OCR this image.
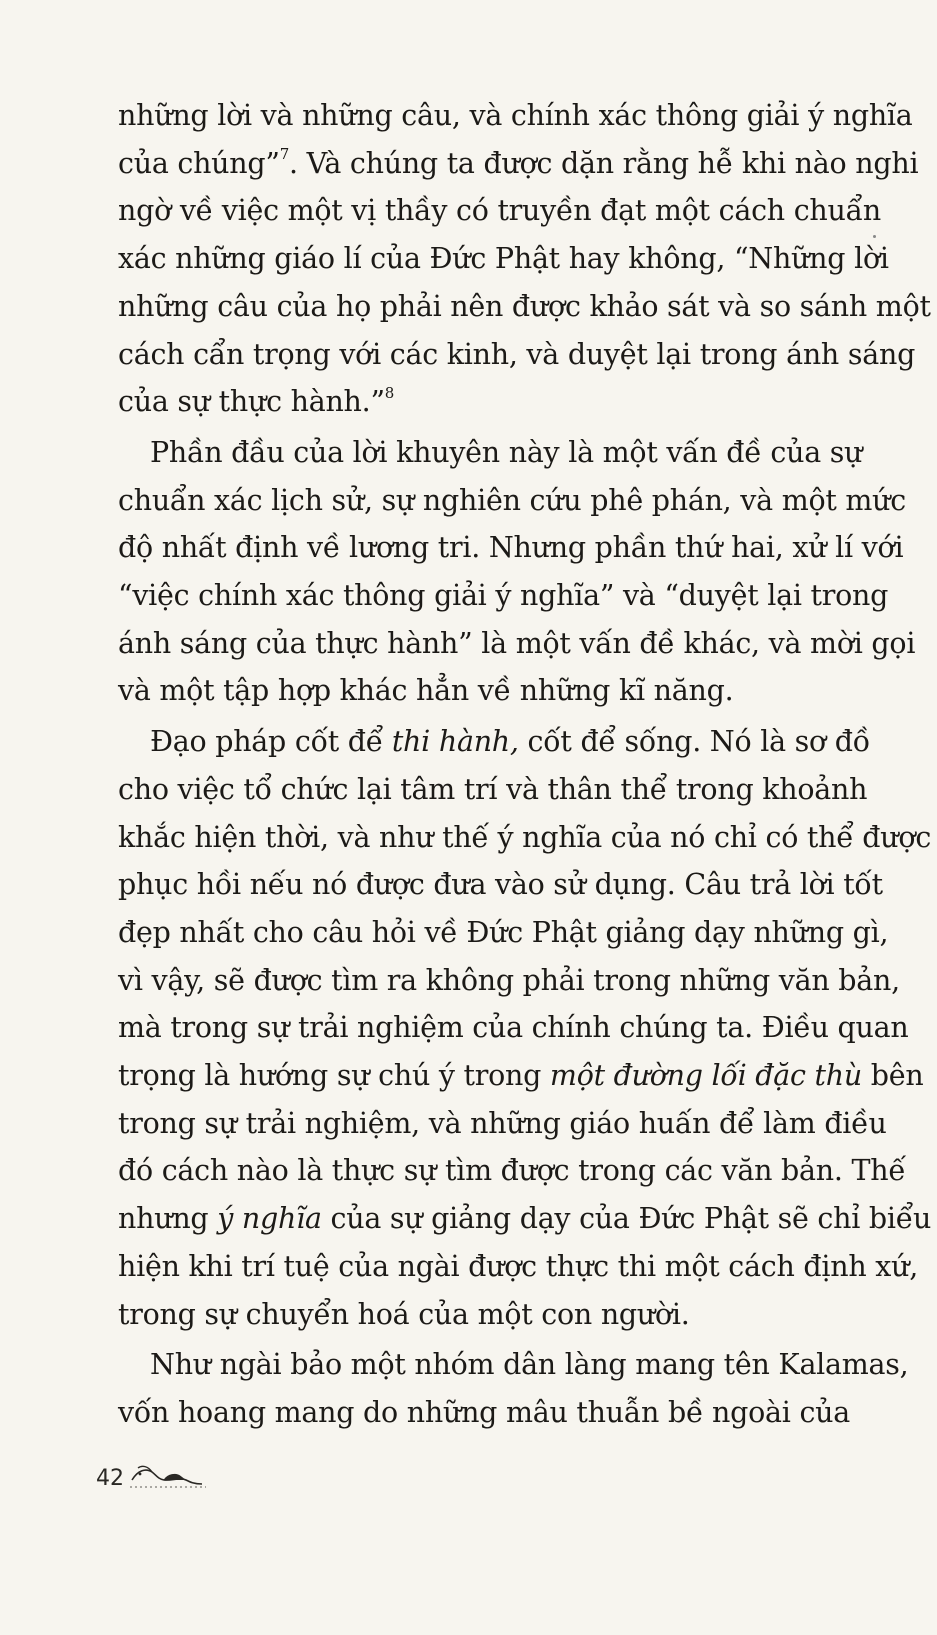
những lời và những câu, và chính xác thông giải ý nghĩa
của chúng”$^7$. Và chúng ta được dặn rằng hễ khi nào nghi
ngờ về việc một vị thầy có truyền đạt một cách chuẩn
xác những giáo lí của Đức Phật hay không, “Những lời
những câu của họ phải nên được khảo sát và so sánh một
cách cẩn trọng với các kinh, và duyệt lại trong ánh sáng
của sự thực hành.”$^8$
Phần đầu của lời khuyên này là một vấn đề của sự
chuẩn xác lịch sử, sự nghiên cứu phê phán, và một mức
độ nhất định về lương tri. Nhưng phần thứ hai, xử lí với
“việc chính xác thông giải ý nghĩa” và “duyệt lại trong
ánh sáng của thực hành” là một vấn đề khác, và mời gọi
và một tập hợp khác hẳn về những kĩ năng.
Đạo pháp cốt để thi hành, cốt để sống. Nó là sơ đồ
cho việc tổ chức lại tâm trí và thân thể trong khoảnh
khắc hiện thời, và như thế ý nghĩa của nó chỉ có thể được
phục hồi nếu nó được đưa vào sử dụng. Câu trả lời tốt
đẹp nhất cho câu hỏi về Đức Phật giảng dạy những gì,
vì vậy, sẽ được tìm ra không phải trong những văn bản,
mà trong sự trải nghiệm của chính chúng ta. Điều quan
trọng là hướng sự chú ý trong một đường lối đặc thù bên
trong sự trải nghiệm, và những giáo huấn để làm điều
đó cách nào là thực sự tìm được trong các văn bản. Thế
nhưng ý nghĩa của sự giảng dạy của Đức Phật sẽ chỉ biểu
hiện khi trí tuệ của ngài được thực thi một cách định xứ,
trong sự chuyển hoá của một con người.
Như ngài bảo một nhóm dân làng mang tên Kalamas,
vốn hoang mang do những mâu thuẫn bề ngoài của
42
